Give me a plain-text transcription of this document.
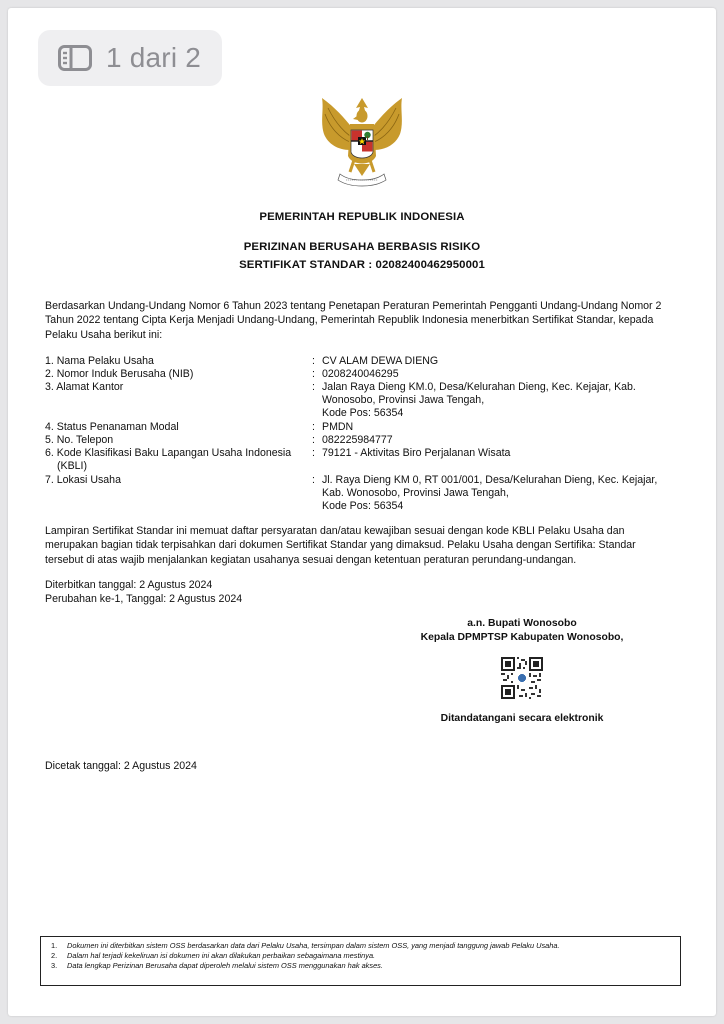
1 dari 2
PEMERINTAH REPUBLIK INDONESIA
PERIZINAN BERUSAHA BERBASIS RISIKO
SERTIFIKAT STANDAR : 02082400462950001
Berdasarkan Undang-Undang Nomor 6 Tahun 2023 tentang Penetapan Peraturan Pemerintah Pengganti Undang-Undang Nomor 2
Tahun 2022 tentang Cipta Kerja Menjadi Undang-Undang, Pemerintah Republik Indonesia menerbitkan Sertifikat Standar, kepada
Pelaku Usaha berikut ini:
1. Nama Pelaku Usaha	: CV ALAM DEWA DIENG
2. Nomor Induk Berusaha (NIB)	: 0208240046295
3. Alamat Kantor	: Jalan Raya Dieng KM.0, Desa/Kelurahan Dieng, Kec. Kejajar, Kab.
Wonosobo, Provinsi Jawa Tengah,
Kode Pos: 56354
4. Status Penanaman Modal	: PMDN
5. No. Telepon	: 082225984777
6. Kode Klasifikasi Baku Lapangan Usaha Indonesia
(KBLI)
: 79121 - Aktivitas Biro Perjalanan Wisata
7. Lokasi Usaha	: Jl. Raya Dieng KM 0, RT 001/001, Desa/Kelurahan Dieng, Kec. Kejajar,
Kab. Wonosobo, Provinsi Jawa Tengah,
Kode Pos: 56354
Lampiran Sertifikat Standar ini memuat daftar persyaratan dan/atau kewajiban sesuai dengan kode KBLI Pelaku Usaha dan
merupakan bagian tidak terpisahkan dari dokumen Sertifikat Standar yang dimaksud. Pelaku Usaha dengan Sertifika: Standar
tersebut di atas wajib menjalankan kegiatan usahanya sesuai dengan ketentuan peraturan perundang-undangan.
Diterbitkan tanggal: 2 Agustus 2024
Perubahan ke-1, Tanggal: 2 Agustus 2024
a.n. Bupati Wonosobo
Kepala DPMPTSP Kabupaten Wonosobo,
Ditandatangani secara elektronik
Dicetak tanggal: 2 Agustus 2024
1.	Dokumen ini diterbitkan sistem OSS berdasarkan data dari Pelaku Usaha, tersimpan dalam sistem OSS, yang menjadi tanggung jawab Pelaku Usaha.
2.	Dalam hal terjadi kekeliruan isi dokumen ini akan dilakukan perbaikan sebagaimana mestinya.
3.	Data lengkap Perizinan Berusaha dapat diperoleh melalui sistem OSS menggunakan hak akses.
